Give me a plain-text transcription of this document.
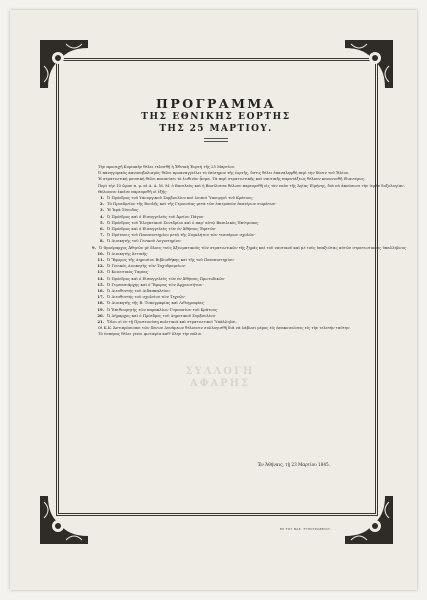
ΣΥΛΛΟΓΗ
ΑΦΑΡΗΣ
ΠΡΟΓΡΑΜΜΑ
ΤΗΣ ΕΘΝΙΚΗΣ ΕΟΡΤΗΣ
ΤΗΣ 25 ΜΑΡΤΙΟΥ.
Τὴν προσεχῆ Κυριακὴν θέλει τελεσθῆ ἡ Ἐθνικὴ Ἑορτὴ τῆς 25 Μαρτίου.
Ὁ πανηγυρικὸς κανονοβολισμὸς θέλει προαναγγείλει τὸ ἐπίσημον τῆς ἑορτῆς, ὅστις θέλει ἐπαναληφθῆ περὶ τὴν δύσιν τοῦ Ἡλίου.
Ἡ στρατιωτικὴ μουσικὴ θέλει παιανίσει τὸ ἐωθινὸν ᾆσμα. Τὰ περὶ στρατιωτικῆς καὶ ναυτικῆς παρατάξεως θέλουν κανονισθῆ ἰδιαιτέρως.
Περὶ τὴν 10 ὥραν π. μ. αἱ Α. Α. Μ. Μ. ὁ Βασιλεὺς καὶ ἡ Βασίλισσα θέλουν παρευρεθῆ εἰς τὸν ναὸν τῆς Ἁγίας Εἰρήνης, διὰ νὰ ἀκούσωσι τὴν ἱερὰν δοξολογίαν.
Θέλουσιν ἐκεῖσε παρευρεθῆ οἱ ἑξῆς·
1. Ὁ Πρόεδρος τοῦ Υπουργικοῦ Συμβουλίου καὶ λοιποὶ Ὑπουργοὶ τοῦ Κράτους·
2. Τὸ Προεδρεῖον τῆς Βουλῆς καὶ τῆς Γερουσίας μετὰ τῶν ἐπιτροπῶν ἑκατέρων σωμάτων·
3. Ἡ Ἱερὰ Σύνοδος·
4. Ὁ Πρόεδρος καὶ ὁ Εἰσαγγελεὺς τοῦ Ἀρείου Πάγου·
5. Ὁ Πρόεδρος τοῦ Ἐλεγκτικοῦ Συνεδρίου καὶ ὁ παρ' αὐτῷ Βασιλικὸς Ἐπίτροπος·
6. Ὁ Πρόεδρος καὶ ὁ Εἰσαγγελεὺς τῶν ἐν Ἀθήναις Ἐφετῶν·
7. Ὁ Πρύτανις τοῦ Πανεπιστημίου μετὰ τῆς Συγκλήτου τῶν τεσσάρων σχολῶν·
8. Ὁ Διοικητὴς τοῦ Γενικοῦ Λογιστηρίου·
9. Ὁ Φρούραρχος Ἀθηνῶν μὲ ὅλους τοὺς Ἀξιωματικοὺς τῶν στρατιωτικῶν τῆς ξηρᾶς καὶ τοῦ ναυτικοῦ καὶ μὲ τοὺς ὑπαξιώτας αὐτῶν στρατιωτικοὺς ὑπαλλήλους·
10. Ὁ Διοικητὴς Ἀττικῆς·
11. Ὁ Ἔφορος τῆς Δημοσίου Βιβλιοθήκης καὶ τῆς τοῦ Πανεπιστημίου·
12. Ὁ Γενικὸς Διοικητὴς τῶν Ταχυδρομείων·
13. Ὁ Κοινοτικὸς Ταμίας·
14. Ὁ Πρόεδρος καὶ ὁ Εἰσαγγελεὺς τῶν ἐν Ἀθήναις Πρωτοδικῶν·
15. Ὁ Γυμνασιάρχης καὶ ὁ Ἔφορος τῶν Ἀρχαιοτήτων·
16. Ὁ Διευθυντὴς τοῦ Διδασκαλείου·
17. Ὁ Διευθυντὴς τοῦ σχολείου τῶν Τεχνῶν·
18. Ὁ Διοικητὴς τῆς Β. Τυπογραφίας καὶ Λιθογραφίας·
19. Ὁ Ἐπιθεωρητὴς τῶν παρακλίων Γυμνασίων τοῦ Κράτους·
20. Ὁ Δήμαρχος καὶ ὁ Πρόεδρος τοῦ Δημοτικοῦ Συμβουλίου·
21. Ὅλοι οἱ ἐν τῇ Πρωτευούσῃ πολιτικοὶ καὶ στρατιωτικοὶ Ὑπάλληλοι.
Οἱ Κ.Κ. Ἀντιπρόσωποι τῶν Ξένων Δυνάμεων θέλουσιν συλλογισθῆ διὰ νὰ λάβωσι μέρος εἰς ἀνακοινώσεις εἰς τὴν τελετὴν ταύτην.
Τὸ ἑσπέρας θέλει γένει φωταψία καθ' ὅλην τὴν πόλιν.
Ἐν Ἀθήναις, τῇ 23 Μαρτίου 1845.
ΕΚ ΤΟΥ ΒΑΣ. ΤΥΠΟΓΡΑΦΕΙΟΥ.
